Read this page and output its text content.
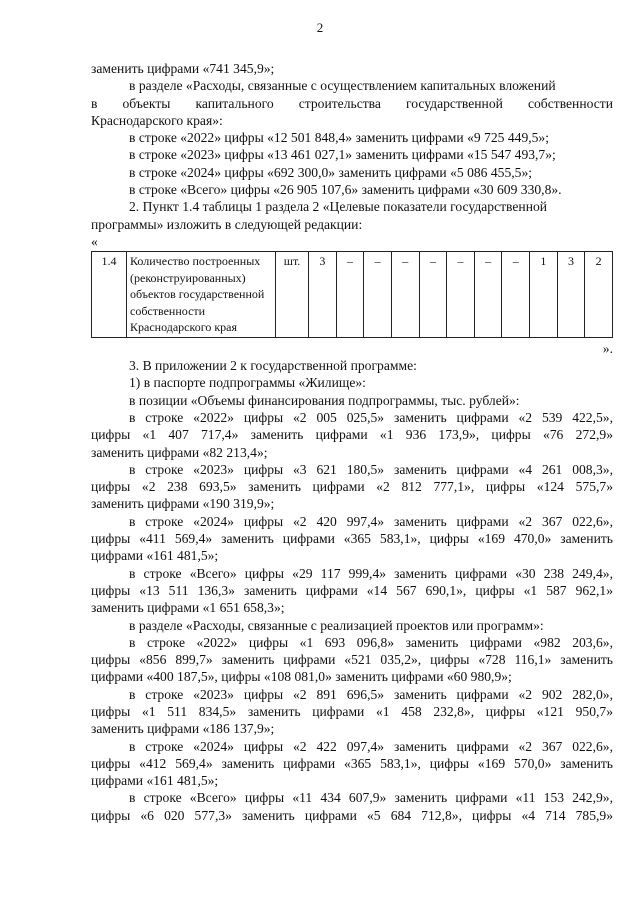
2
заменить цифрами «741 345,9»;
в разделе «Расходы, связанные с осуществлением капитальных вложений
в объекты капитального строительства государственной собственности
Краснодарского края»:
в строке «2022» цифры «12 501 848,4» заменить цифрами «9 725 449,5»;
в строке «2023» цифры «13 461 027,1» заменить цифрами «15 547 493,7»;
в строке «2024» цифры «692 300,0» заменить цифрами «5 086 455,5»;
в строке «Всего» цифры «26 905 107,6» заменить цифрами «30 609 330,8».
2. Пункт 1.4 таблицы 1 раздела 2 «Целевые показатели государственной
программы» изложить в следующей редакции:
«
1.4	Количество построенных (реконструированных) объектов государственной собственности Краснодарского края	шт.	3	–	–	–	–	–	–	–	1	3	2
».
3. В приложении 2 к государственной программе:
1) в паспорте подпрограммы «Жилище»:
в позиции «Объемы финансирования подпрограммы, тыс. рублей»:
в строке «2022» цифры «2 005 025,5» заменить цифрами «2 539 422,5»,
цифры «1 407 717,4» заменить цифрами «1 936 173,9», цифры «76 272,9»
заменить цифрами «82 213,4»;
в строке «2023» цифры «3 621 180,5» заменить цифрами «4 261 008,3»,
цифры «2 238 693,5» заменить цифрами «2 812 777,1», цифры «124 575,7»
заменить цифрами «190 319,9»;
в строке «2024» цифры «2 420 997,4» заменить цифрами «2 367 022,6»,
цифры «411 569,4» заменить цифрами «365 583,1», цифры «169 470,0» заменить
цифрами «161 481,5»;
в строке «Всего» цифры «29 117 999,4» заменить цифрами «30 238 249,4»,
цифры «13 511 136,3» заменить цифрами «14 567 690,1», цифры «1 587 962,1»
заменить цифрами «1 651 658,3»;
в разделе «Расходы, связанные с реализацией проектов или программ»:
в строке «2022» цифры «1 693 096,8» заменить цифрами «982 203,6»,
цифры «856 899,7» заменить цифрами «521 035,2», цифры «728 116,1» заменить
цифрами «400 187,5», цифры «108 081,0» заменить цифрами «60 980,9»;
в строке «2023» цифры «2 891 696,5» заменить цифрами «2 902 282,0»,
цифры «1 511 834,5» заменить цифрами «1 458 232,8», цифры «121 950,7»
заменить цифрами «186 137,9»;
в строке «2024» цифры «2 422 097,4» заменить цифрами «2 367 022,6»,
цифры «412 569,4» заменить цифрами «365 583,1», цифры «169 570,0» заменить
цифрами «161 481,5»;
в строке «Всего» цифры «11 434 607,9» заменить цифрами «11 153 242,9»,
цифры «6 020 577,3» заменить цифрами «5 684 712,8», цифры «4 714 785,9»
